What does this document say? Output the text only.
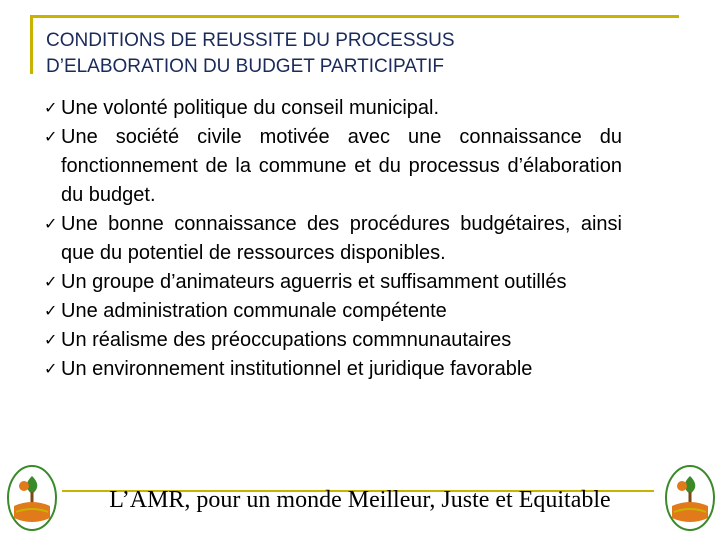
CONDITIONS DE REUSSITE DU PROCESSUS
D’ELABORATION DU BUDGET PARTICIPATIF
✓ Une volonté politique du conseil municipal.
✓ Une société civile motivée avec une connaissance du fonctionnement de la commune et du processus d’élaboration du budget.
✓ Une bonne connaissance des procédures budgétaires, ainsi que du potentiel de ressources disponibles.
✓ Un groupe d’animateurs aguerris et suffisamment outillés
✓ Une administration communale compétente
✓ Un réalisme des préoccupations commnunautaires
✓ Un environnement institutionnel et juridique favorable
L’AMR, pour un monde Meilleur, Juste et Equitable
